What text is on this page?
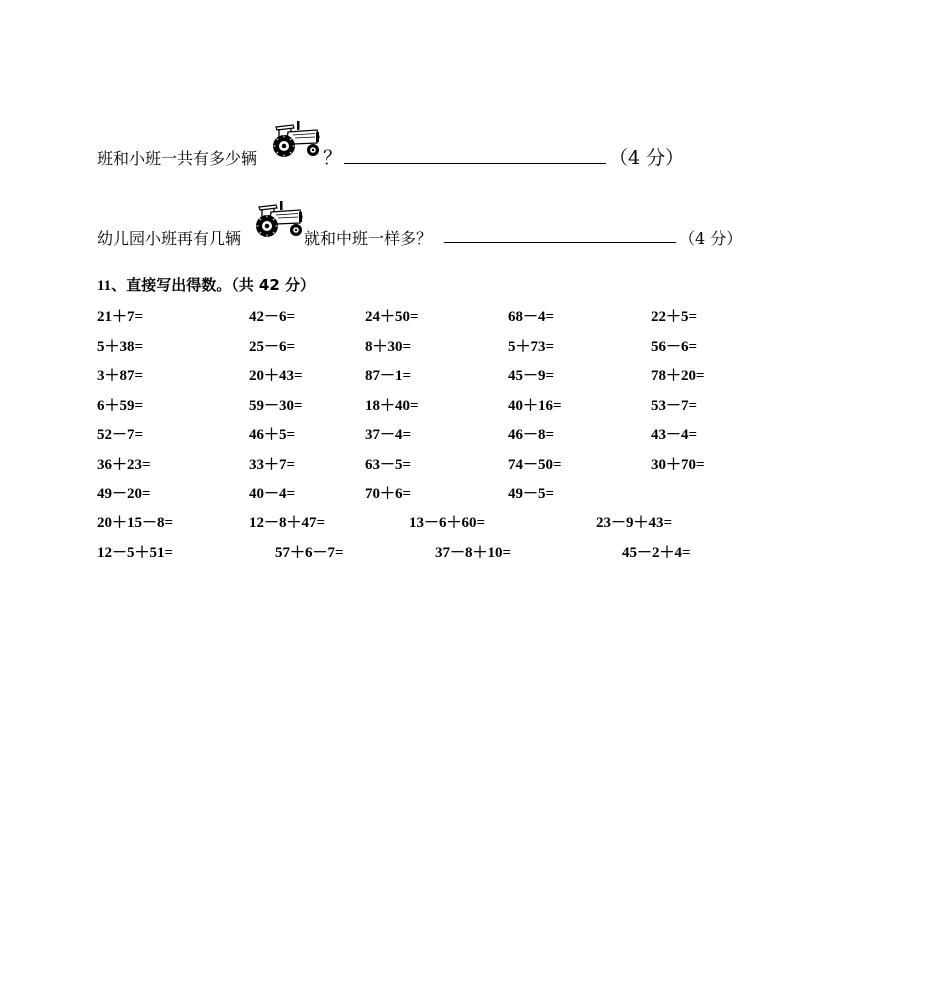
班和小班一共有多少辆	？	（4 分）
幼儿园小班再有几辆	就和中班一样多？	（4 分）
11、直接写出得数。（共 42 分）
21＋7=	42－6=	24＋50=	68－4=	22＋5=
5＋38=	25－6=	8＋30=	5＋73=	56－6=
3＋87=	20＋43=	87－1=	45－9=	78＋20=
6＋59=	59－30=	18＋40=	40＋16=	53－7=
52－7=	46＋5=	37－4=	46－8=	43－4=
36＋23=	33＋7=	63－5=	74－50=	30＋70=
49－20=	40－4=	70＋6=	49－5=
20＋15－8=	12－8＋47=	13－6＋60=	23－9＋43=
12－5＋51=	57＋6－7=	37－8＋10=	45－2＋4=
